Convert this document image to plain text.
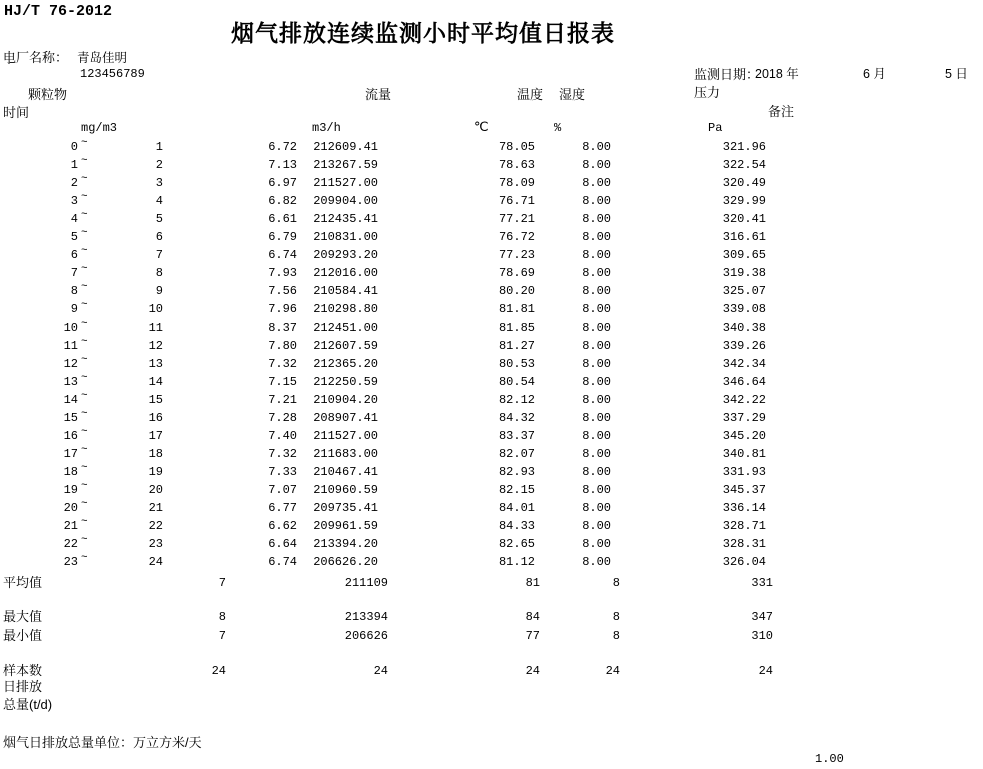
HJ/T 76-2012
烟气排放连续监测小时平均值日报表
电厂名称： 青岛佳明
`	123456789	监测日期：
2018 年	6 月	5 日
颗粒物	流量	温度 湿度	压力
时间	备注
mg/m3	m3/h	℃	%	Pa
0 ~	1	6.72	212609.41	78.05	8.00	321.96
1 ~	2	7.13	213267.59	78.63	8.00	322.54
2 ~	3	6.97	211527.00	78.09	8.00	320.49
3 ~	4	6.82	209904.00	76.71	8.00	329.99
4 ~	5	6.61	212435.41	77.21	8.00	320.41
5 ~	6	6.79	210831.00	76.72	8.00	316.61
6 ~	7	6.74	209293.20	77.23	8.00	309.65
7 ~	8	7.93	212016.00	78.69	8.00	319.38
8 ~	9	7.56	210584.41	80.20	8.00	325.07
9 ~	10	7.96	210298.80	81.81	8.00	339.08
10 ~	11	8.37	212451.00	81.85	8.00	340.38
11 ~	12	7.80	212607.59	81.27	8.00	339.26
12 ~	13	7.32	212365.20	80.53	8.00	342.34
13 ~	14	7.15	212250.59	80.54	8.00	346.64
14 ~	15	7.21	210904.20	82.12	8.00	342.22
15 ~	16	7.28	208907.41	84.32	8.00	337.29
16 ~	17	7.40	211527.00	83.37	8.00	345.20
17 ~	18	7.32	211683.00	82.07	8.00	340.81
18 ~	19	7.33	210467.41	82.93	8.00	331.93
19 ~	20	7.07	210960.59	82.15	8.00	345.37
20 ~	21	6.77	209735.41	84.01	8.00	336.14
21 ~	22	6.62	209961.59	84.33	8.00	328.71
22 ~	23	6.64	213394.20	82.65	8.00	328.31
23 ~	24	6.74	206626.20	81.12	8.00	326.04
平均值	7	211109	81	8	331
最大值	8	213394	84	8	347
最小值	7	206626	77	8	310
样本数	24	24	24	24	24
日排放
总量(t/d)
烟气日排放总量单位：万立方米/天
1.00
